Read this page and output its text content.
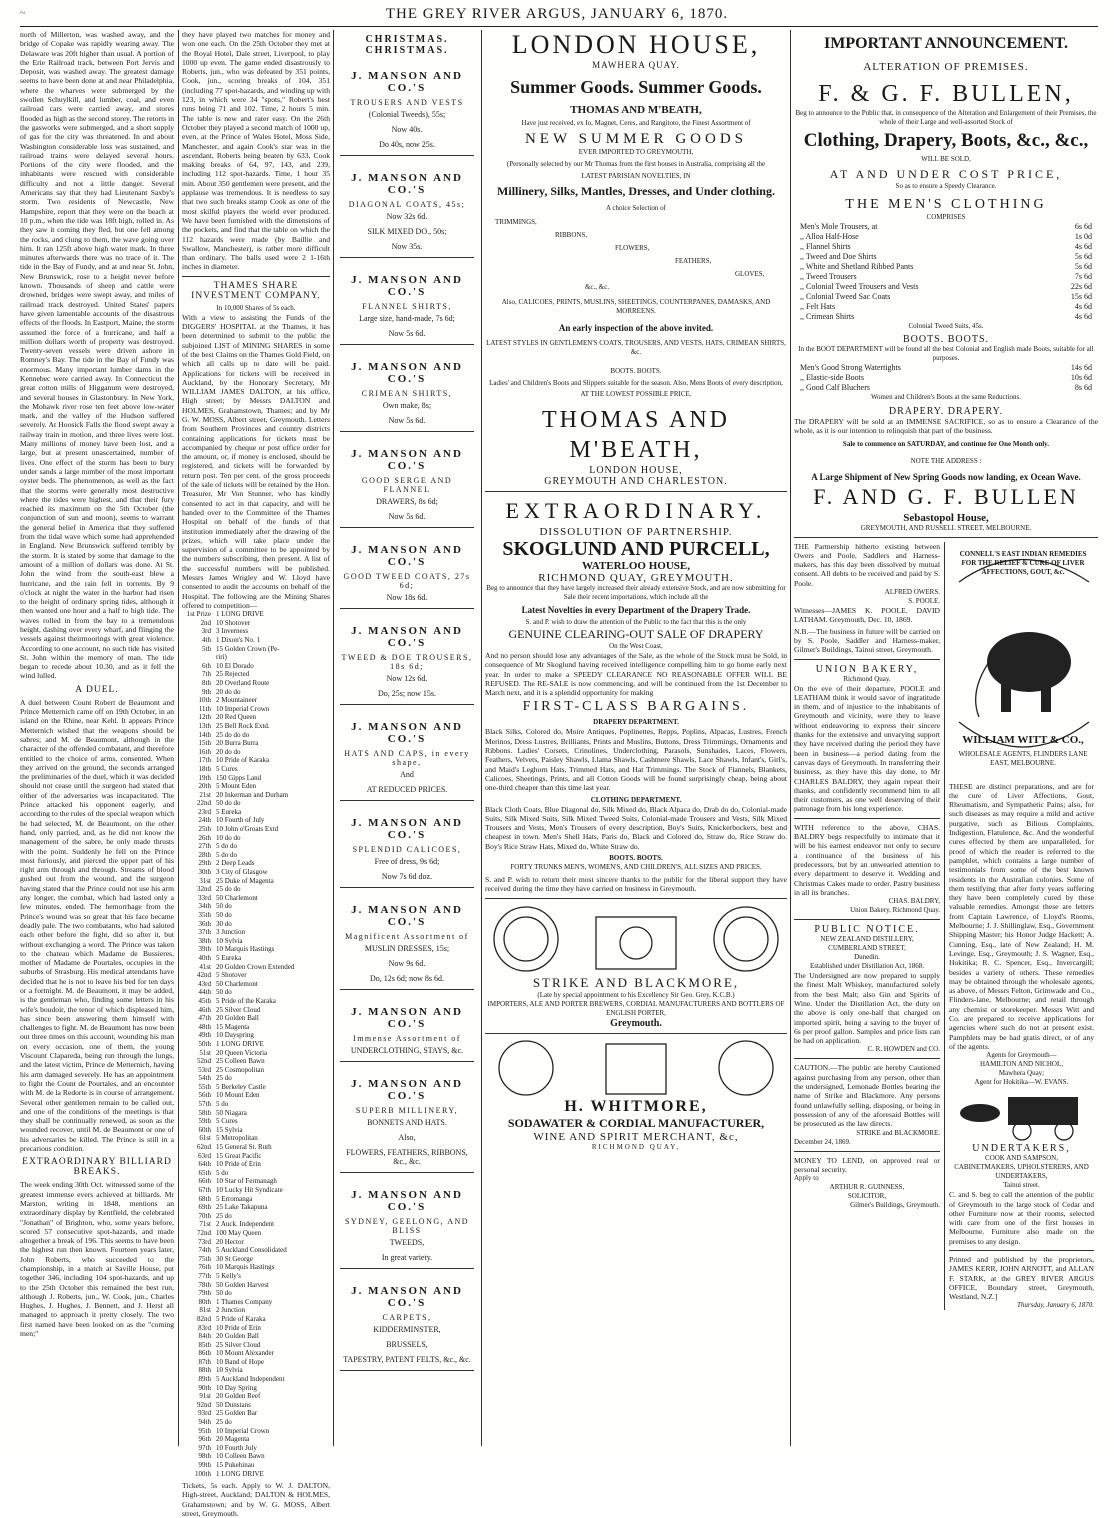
~	THE GREY RIVER ARGUS, JANUARY 6, 1870.

north of Millerton, was washed away, and the bridge of Copake was rapidly wearing away. The Delaware was 20ft higher than usual. A portion of the Erie Railroad track, between Port Jervis and Deposit, was washed away. The greatest damage seems to have been done at and near Philadelphia, where the wharves were submerged by the swollen Schuylkill, and lumber, coal, and even railroad cars were carried away, and stores flooded as high as the second storey. The retorts in the gasworks were submerged, and a short supply of gas for the city was threatened. In and about Washington considerable loss was sustained, and railroad trains were delayed several hours. Portions of the city were flooded, and the inhabitants were rescued with considerable difficulty and not a little danger. Several Americans say that they had Lieutenant Saxby's storm. Two residents of Newcastle, New Hampshire, report that they were on the beach at 10 p.m., when the tide was 18ft high, rolled in. As they saw it coming they fled, but one fell among the rocks, and clung to them, the wave going over him. It ran 125ft above high water mark. In three minutes afterwards there was no trace of it. The tide in the Bay of Fundy, and at and near St. John, New Brunswick, rose to a height never before known. Thousands of sheep and cattle were drowned, bridges were swept away, and miles of railroad track destroyed. United States' papers have given lamentable accounts of the disastrous effects of the floods. In Eastport, Maine, the storm assumed the force of a hurricane, and half a million dollars worth of property was destroyed. Twenty-seven vessels were driven ashore in Romney's Bay. The tide in the Bay of Fundy was enormous. Many important lumber dams in the Kennebec were carried away. In Connecticut the great cotton mills of Higganum were destroyed, and several houses in Glastonbury. In New York, the Mohawk river rose ten feet above low-water mark, and the valley of the Hudson suffered severely. At Hoosick Falls the flood swept away a railway train in motion, and three lives were lost. Many millions of money have been lost, and a large, but at present unascertained, number of lives. One effect of the storm has been to bury under sands a large number of the most important oyster beds. The phenomenon, as well as the fact that the storms were generally most destructive where the tides were highest, and that their fury reached its maximum on the 5th October (the conjunction of sun and moon), seems to warrant the general belief in America that they suffered from the tidal wave which some had apprehended in England. New Brunswick suffered terribly by the storm. It is stated by some that damage to the amount of a million of dollars was done. At St. John the wind from the south-east blew a hurricane, and the rain fell in torrents. By 9 o'clock at night the water in the harbor had risen to the height of ordinary spring tides, although it then wanted one hour and a half to high tide. The waves rolled in from the bay to a tremendous height, dashing over every wharf, and flinging the vessels against theirmoorings with great violence. According to one account, no such tide has visited St. John within the memory of man. The tide began to recede about 10.30, and as it fell the wind lulled.

A DUEL.

A duel between Count Robert de Beaumont and Prince Metternich came off on 19th October, in an island on the Rhine, near Kehl. It appears Prince Metternich wished that the weapons should be sabres; and M. de Beaumont, although in the character of the offended combatant, and therefore entitled to the choice of arms, consented. When they arrived on the ground, the seconds arranged the preliminaries of the duel, which it was decided should not cease until the surgeon had stated that either of the adversaries was incapacitated. The Prince attacked his opponent eagerly, and according to the rules of the special weapon which he had selected, M. de Beaumont, on the other hand, only parried, and, as he did not know the management of the sabre, he only made thrusts with the point. Suddenly he fell on the Prince most furiously, and pierced the upper part of his right arm through and through. Streams of blood gushed out from the wound, and the surgeon having stated that the Prince could not use his arm any longer, the combat, which had lasted only a few minutes, ended. The hemorrhage from the Prince's wound was so great that his face became deadly pale. The two combatants, who had saluted each other before the fight, did so after it, but without exchanging a word. The Prince was taken to the chateau which Madame de Bussieres, mother of Madame de Pourtales, occupies in the suburbs of Strasburg. His medical attendants have decided that he is not to leave his bed for ten days or a fortnight. M. de Beaumont, it may be added, is the gentleman who, finding some letters in his wife's boudoir, the tenor of which displeased him, has since been answering them himself with challenges to fight. M. de Beaumont has now been out three times on this account, wounding his man on every occasion, one of them, the young Viscount Clapareda, being run through the lungs, and the latest victim, Prince de Metternich, having his arm damaged severely. He has an appointment to fight the Count de Pourtales, and an encounter with M. de la Redorte is in course of arrangement. Several other gentlemen remain to be called out, and one of the conditions of the meetings is that they shall be continually renewed, as soon as the wounded recover, until M. de Beaumont or one of his adversaries be killed. The Prince is still in a precarious condition.

EXTRAORDINARY BILLIARD BREAKS.

The week ending 30th Oct. witnessed some of the greatest immense evers achieved at billiards. Mr Marston, writing in 1848, mentions an extraordinary display by Kentfield, the celebrated "Jonathan" of Brighton, who, some years before, scored 57 consecutive spot-hazards, and made altogether a break of 196. This seems to have been the highest run then known. Fourteen years later, John Roberts, who succeeded to the championship, in a match at Saville House, put together 346, including 104 spot-hazards, and up to the 25th October this remained the best run, although J. Roberts, jun., W. Cook, jun., Charles Hughes, J. Hughes, J. Bennett, and J. Herst all managed to approach it pretty closely. The two first named have been looked on as the "coming men;"

they have played two matches for money and won one each. On the 25th October they met at the Royal Hotel, Dale street, Liverpool, to play 1000 up even. The game ended disastrously to Roberts, jun., who was defeated by 351 points, Cook, jun., scoring breaks of 104, 351 (including 77 spot-hazards, and winding up with 123, in which were 34 "spots," Robert's best runs being 71 and 102. Time, 2 hours 5 min. The table is new and rater easy. On the 26th October they played a second match of 1000 up, even, at the Prince of Wales Hotel, Moss Side, Manchester, and again Cook's star was in the ascendant, Roberts being beaten by 633, Cook making breaks of 64, 97, 143, and 239, including 112 spot-hazards. Time, 1 hour 35 min. About 350 gentlemen were present, and the applause was tremendous. It is needless to say that two such breaks stamp Cook as one of the most skilful players the world ever produced. We have been furnished with the dimensions of the pockets, and find that the table on which the 112 hazards were made (by Baillie and Swallow, Manchester), is rather more difficult than ordinary. The balls used were 2 1-16th inches in diameter.

THAMES SHARE INVESTMENT COMPANY.
In 10,000 Shares of 5s each.

With a view to assisting the Funds of the DIGGERS' HOSPITAL at the Thames, it has been determined to submit to the public the subjoined LIST of MINING SHARES in some of the best Claims on the Thames Gold Field, on which all calls up to date will be paid. Applications for tickets will be received in Auckland, by the Honorary Secretary, Mr WILLIAM JAMES DALTON, at his office, High street; by Messrs DALTON and HOLMES, Grahamstown, Thames; and by Mr G. W. MOSS, Albert street, Greymouth. Letters from Southern Provinces and country districts containing applications for tickets must be accompanied by cheque or post office order for the amount, or, if money is enclosed, should be registered, and tickets will be forwarded by return post. Ten per cent. of the gross proceeds of the sale of tickets will be retained by the Hon. Treasurer, Mr Von Stunner, who has kindly consented to act in that capacity, and will be handed over to the Committee of the Thames Hospital on behalf of the funds of that institution immediately after the drawing of the prizes, which will take place under the supervision of a committee to be appointed by the numbers subscribing, then present. A list of the successful numbers will be published. Messrs James Wrigley and W. Lloyd have consented to audit the accounts on behalf of the Hospital. The following are the Mining Shares offered to competition—

1st Prize 1 LONG DRIVE
2nd 10 Shotover
3rd 3 Inverness
4th 1 Dixon's No. 1
5th 15 Golden Crown (Pe-
riri)
6th 10 El Dorado
7th 25 Rejected
8th 20 Overland Route
9th 20 do do
10th 2 Mountaineer
11th 10 Imperial Crown
12th 20 Red Queen
13th 25 Bell Rock Extd.
14th 25 do do do
15th 20 Burra Burra
16th 20 do do
17th 10 Pride of Karaka
18th 5 Cures
19th 150 Gipps Land
20th 5 Mount Eden
21st 20 Inkerman and Durham
22nd 50 do do
23rd 5 Eureka
24th 10 Fourth of July
25th 10 John o'Groats Extd
26th 10 do do
27th 5 do do
28th 5 do do
29th 2 Deep Leads
30th 3 City of Glasgow
31st 25 Duke of Magenta
32nd 25 do do
33rd 50 Charlemont
34th 50 do
35th 50 do
36th 30 do
37th 3 Junction
38th 10 Sylvia
39th 10 Marquis Hastings
40th 5 Eureka
41st 20 Golden Crown Extended
42nd 5 Shotover
43rd 50 Charlemont
44th 50 do
45th 5 Pride of the Karaka
46th 25 Silver Cloud
47th 20 Golden Ball
48th 15 Magenta
49th 10 Dayspring
50th 1 LONG DRIVE
51st 20 Queen Victoria
52nd 25 Colleen Bawn
53rd 25 Cosmopolitan
54th 25 do
55th 5 Berkeley Castle
56th 10 Mount Eden
57th 5 do
58th 50 Niagara
59th 5 Cures
60th 15 Sylvia
61st 5 Metropolitan
62nd 15 General St. Ruth
63rd 15 Great Pacific
64th 10 Pride of Erin
65th 5 do
66th 10 Star of Fermanagh
67th 10 Lucky Hit Syndicate
68th 5 Erromanga
69th 25 Lake Takapuna
70th 25 do
71st 2 Auck. Independent
72nd 100 May Queen
73rd 20 Hector
74th 5 Auckland Consolidated
75th 30 St George
76th 10 Marquis Hastings
77th 5 Kelly's
78th 50 Golden Harvest
79th 50 do
80th 1 Thames Company
81st 2 Junction
82nd 5 Pride of Karaka
83rd 10 Pride of Erin
84th 20 Golden Ball
85th 25 Silver Cloud
86th 10 Mount Alexander
87th 10 Band of Hope
88th 10 Sylvia
89th 5 Auckland Independent
90th 10 Day Spring
91st 20 Golden Reef
92nd 50 Dunstans
93rd 25 Golden Bar
94th 25 do
95th 10 Imperial Crown
96th 20 Magenta
97th 10 Fourth July
98th 10 Colleen Bawn
99th 15 Pukehinau
100th 1 LONG DRIVE

Tickets, 5s each. Apply to W. J. DALTON, High-street, Auckland; DALTON & HOLMES, Grahamstown; and by W. G. MOSS, Albert street, Greymouth.

CHRISTMAS. CHRISTMAS.
J. MANSON AND CO.'S
TROUSERS AND VESTS
(Colonial Tweeds), 55s;
Now 40s.
Do 40s, now 25s.
J. MANSON AND CO.'S
DIAGONAL COATS, 45s;
Now 32s 6d.
SILK MIXED DO., 50s;
Now 35s.
J. MANSON AND CO.'S
FLANNEL SHIRTS,
Large size, hand-made, 7s 6d;
Now 5s 6d.
J. MANSON AND CO.'S
CRIMEAN SHIRTS,
Own make, 8s;
Now 5s 6d.
J. MANSON AND CO.'S
GOOD SERGE AND FLANNEL
DRAWERS, 8s 6d;
Now 5s 6d.
J. MANSON AND CO.'S
GOOD TWEED COATS, 27s 6d;
Now 18s 6d.
J. MANSON AND CO.'S
TWEED & DOE TROUSERS, 18s 6d;
Now 12s 6d.
Do, 25s; now 15s.
J. MANSON AND CO.'S
HATS AND CAPS, in every shape,
And
AT REDUCED PRICES.
J. MANSON AND CO.'S
SPLENDID CALICOES,
Free of dress, 9s 6d;
Now 7s 6d doz.
J. MANSON AND CO.'S
Magnificent Assortment of
MUSLIN DRESSES, 15s;
Now 9s 6d.
Do, 12s 6d; now 8s 6d.
J. MANSON AND CO.'S
Immense Assortment of
UNDERCLOTHING, STAYS, &c.
J. MANSON AND CO.'S
SUPERB MILLINERY,
BONNETS AND HATS.
Also,
FLOWERS, FEATHERS, RIBBONS, &c., &c.
J. MANSON AND CO.'S
SYDNEY, GEELONG, AND BLISS
TWEEDS,
In great variety.
J. MANSON AND CO.'S
CARPETS,
KIDDERMINSTER,
BRUSSELS,
TAPESTRY, PATENT FELTS, &c., &c.
LONDON HOUSE,
MAWHERA QUAY.
Summer Goods. Summer Goods.
THOMAS AND M'BEATH,
Have just received, ex Io, Magnet, Ceres, and Rangitoto, the Finest Assortment of
NEW SUMMER GOODS
EVER IMPORTED TO GREYMOUTH,
(Personally selected by our Mr Thomas from the first houses in Australia, comprising all the
LATEST PARISIAN NOVELTIES, IN
Millinery, Silks, Mantles, Dresses, and Under clothing.
A choice Selection of
TRIMMINGS,
RIBBONS,
FLOWERS,
FEATHERS,
GLOVES,
&c., &c.
Also, CALICOES, PRINTS, MUSLINS, SHEETINGS, COUNTERPANES, DAMASKS, AND MORREENS.
An early inspection of the above invited.
LATEST STYLES IN GENTLEMEN'S COATS, TROUSERS, AND VESTS, HATS, CRIMEAN SHIRTS, &c.
BOOTS. BOOTS.
Ladies' and Children's Boots and Slippers suitable for the season. Also, Mens Boots of every description,
AT THE LOWEST POSSIBLE PRICE.
THOMAS AND M'BEATH,
LONDON HOUSE,
GREYMOUTH AND CHARLESTON.
EXTRAORDINARY.
DISSOLUTION OF PARTNERSHIP.
SKOGLUND AND PURCELL,
WATERLOO HOUSE,
RICHMOND QUAY, GREYMOUTH.
Beg to announce that they have largely increased their already extensive Stock, and are now submitting for Sale their recent importations, which include all the
Latest Novelties in every Department of the Drapery Trade.
S. and P. wish to draw the attention of the Public to the fact that this is the only
GENUINE CLEARING-OUT SALE OF DRAPERY
On the West Coast,

And no person should lose any advantages of the Sale, as the whole of the Stock must be Sold, in consequence of Mr Skoglund having received intelligence compelling him to go home early next year. In order to make a SPEEDY CLEARANCE NO REASONABLE OFFER WILL BE REFUSED. The RE-SALE is now commencing, and will be continued from the 1st December to March next, and it is a splendid opportunity for making

FIRST-CLASS BARGAINS.
DRAPERY DEPARTMENT.

Black Silks, Colored do, Moire Antiques, Poplinettes, Repps, Poplins, Alpacas, Lustres, French Merinos, Dress Lustres, Brilliants, Prints and Muslins, Buttons, Dress Trimmings, Ornaments and Ribbons. Ladies' Corsets, Crinolines, Underclothing, Parasols, Sunshades, Laces, Flowers, Feathers, Velvets, Paisley Shawls, Llama Shawls, Cashmere Shawls, Lace Shawls, Infant's, Girl's, and Maid's Leghorn Hats, Trimmed Hats, and Hat Trimmings. The Stock of Flannels, Blankets, Calicoes, Sheetings, Prints, and all Cotton Goods will be found surprisingly cheap, being about one-third cheaper than this time last year.

CLOTHING DEPARTMENT.

Black Cloth Coats, Blue Diagonal do, Silk Mixed do, Black Alpaca do, Drab do do, Colonial-made Suits, Silk Mixed Suits, Silk Mixed Tweed Suits, Colonial-made Trousers and Vests, Silk Mixed Trousers and Vests, Men's Trousers of every description, Boy's Suits, Knickerbockers, best and cheapest in town. Men's Shell Hats, Paris do, Black and Colored do, Straw do, Rice Straw do. Boy's Rice Straw Hats, Mixed do, White Straw do.

BOOTS. BOOTS.
FORTY TRUNKS MEN'S, WOMEN'S, AND CHILDREN'S, ALL SIZES AND PRICES.

S. and P. wish to return their most sincere thanks to the public for the liberal support they have received during the time they have carried on business in Greymouth.

STRIKE AND BLACKMORE,
(Late by special appointment to his Excellency Sir Geo. Grey, K.C.B.)
IMPORTERS, ALE AND PORTER BREWERS, CORDIAL MANUFACTURERS AND BOTTLERS OF ENGLISH PORTER,
Greymouth.
H. WHITMORE,
SODAWATER & CORDIAL MANUFACTURER,
WINE AND SPIRIT MERCHANT, &c,
RICHMOND QUAY,
IMPORTANT ANNOUNCEMENT.
ALTERATION OF PREMISES.
F. & G. F. BULLEN,
Beg to announce to the Public that, in consequence of the Alteration and Enlargement of their Premises, the whole of their Large and well-assorted Stock of
Clothing, Drapery, Boots, &c., &c.,
WILL BE SOLD,
AT AND UNDER COST PRICE,
So as to ensure a Speedy Clearance.
THE MEN'S CLOTHING
COMPRISES
Men's Mole Trousers, at	6s 6d
,, Alloa Half-Hose	1s 0d
,, Flannel Shirts	4s 6d
,, Tweed and Doe Shirts	5s 6d
,, White and Shetland Ribbed Pants	5s 6d
,, Tweed Trousers	7s 6d
,, Colonial Tweed Trousers and Vests	22s 6d
,, Colonial Tweed Sac Coats	15s 6d
,, Felt Hats	4s 6d
,, Crimean Shirts	4s 6d
Colonial Tweed Suits, 45s.
BOOTS. BOOTS.
In the BOOT DEPARTMENT will be found all the best Colonial and English made Boots, suitable for all purposes.
Men's Good Strong Watertights	14s 6d
,, Elastic-side Boots	10s 6d
,, Good Calf Bluchers	8s 6d
Women and Children's Boots at the same Reductions.
DRAPERY. DRAPERY.

The DRAPERY will be sold at an IMMENSE SACRIFICE, so as to ensure a Clearance of the whole, as it is our intention to relinquish that part of the business.

Sale to commence on SATURDAY, and continue for One Month only.
NOTE THE ADDRESS :
A Large Shipment of New Spring Goods now landing, ex Ocean Wave.
F. AND G. F. BULLEN
Sebastopol House,
GREYMOUTH, AND RUSSELL STREET, MELBOURNE.

THE Partnership hitherto existing between Owers and Poole, Saddlers and Harness-makers, has this day been dissolved by mutual consent. All debts to be received and paid by S. Poole.

ALFRED OWERS.
S. POOLE.

Witnesses—JAMES K. POOLE. DAVID LATHAM. Greymouth, Dec. 10, 1869.

N.B.—The business in future will be carried on by S. Poole, Saddler and Harness-maker, Gilmer's Buildings, Tainui street, Greymouth.

UNION BAKERY,
Richmond Quay.

On the eve of their departure, POOLE and LEATHAM think it would savor of ingratitude in them, and of injustice to the inhabitants of Greymouth and vicinity, were they to leave without endeavoring to express their sincere thanks for the extensive and unvarying support they have received during the period they have been in business—a period dating from the canvas days of Greymouth. In transferring their business, as they have this day done, to Mr CHARLES BALDRY, they again repeat their thanks, and confidently recommend him to all their customers, as one well deserving of their patronage from his long experience.

WITH reference to the above, CHAS. BALDRY begs respectfully to intimate that it will be his earnest endeavor not only to secure a continuance of the business of his predecessors, but by an unwearied attention to every department to deserve it. Wedding and Christmas Cakes made to order. Pastry business in all its branches.

CHAS. BALDRY,
Union Bakery, Richmond Quay.
PUBLIC NOTICE.
NEW ZEALAND DISTILLERY,
CUMBERLAND STREET,
Dunedin.
Established under Distillation Act, 1868.

The Undersigned are now prepared to supply the finest Malt Whiskey, manufactured solely from the best Malt; also Gin and Spirits of Wine. Under the Distillation Act, the duty on the above is only one-half that charged on imported spirit, being a saving to the buyer of 6s per proof gallon. Samples and price lists can be had on application.

C. R. HOWDEN and CO.

CAUTION.—The public are hereby Cautioned against purchasing from any person, other than the undersigned, Lemonade Bottles bearing the name of Strike and Blackmore. Any persons found unlawfully selling, disposing, or being in possession of any of the aforesaid Bottles will be prosecuted as the law directs.

STRIKE and BLACKMORE.
December 24, 1869.

MONEY TO LEND, on approved real or personal security.

Apply to
ARTHUR R. GUINNESS,
SOLICITOR,
Gilmer's Buildings, Greymouth.
CONNELL'S EAST INDIAN REMEDIES FOR THE RELIEF & CURE OF LIVER AFFECTIONS, GOUT, &c.
WILLIAM WITT & CO.,
WHOLESALE AGENTS, FLINDERS LANE EAST, MELBOURNE.

THESE are distinct preparations, and are for the cure of Liver Affections, Gout, Rheumatism, and Sympathetic Pains; also, for such diseases as may require a mild and active purgative, such as Bilious Complaints, Indigestion, Flatulence, &c. And the wonderful cures effected by them are unparalleled, for proof of which the reader is referred to the pamphlet, which contains a large number of testimonials from some of the best known residents in the Australian colonies. Some of them testifying that after forty years suffering they have been completely cured by these valuable remedies. Amongst these are letters from Captain Lawrence, of Lloyd's Rooms, Melbourne; J. J. Shillinglaw, Esq., Government Shipping Master; his Honor Judge Hackett; A. Cunning, Esq., late of New Zealand; H. M. Levinge, Esq., Greymouth; J. S. Wagner, Esq., Hokitika; R. C. Spencer, Esq., Invercargill; besides a variety of others. These remedies may be obtained through the wholesale agents, as above, of Messrs Felton, Grimwade and Co., Flinders-lane, Melbourne; and retail through any chemist or storekeeper. Messrs Witt and Co. are prepared to receive applications for agencies where such do not at present exist. Pamphlets may be had gratis direct, or of any of the agents.

Agents for Greymouth—
HAMILTON AND NICHOL,
Mawhera Quay;
Agent for Hokitika—W. EVANS.
UNDERTAKERS,
COOK AND SAMPSON,
CABINETMAKERS, UPHOLSTERERS, AND UNDERTAKERS,
Tainui street.

C. and S. beg to call the attention of the public of Greymouth to the large stock of Cedar and other Furniture now at their rooms, selected with care from one of the first houses in Melbourne. Furniture also made on the premises to any design.

Printed and published by the proprietors, JAMES KERR, JOHN ARNOTT, and ALLAN F. STARK, at the GREY RIVER ARGUS OFFICE, Boundary street, Greymouth, Westland, N.Z.]

Thursday, January 6, 1870.
